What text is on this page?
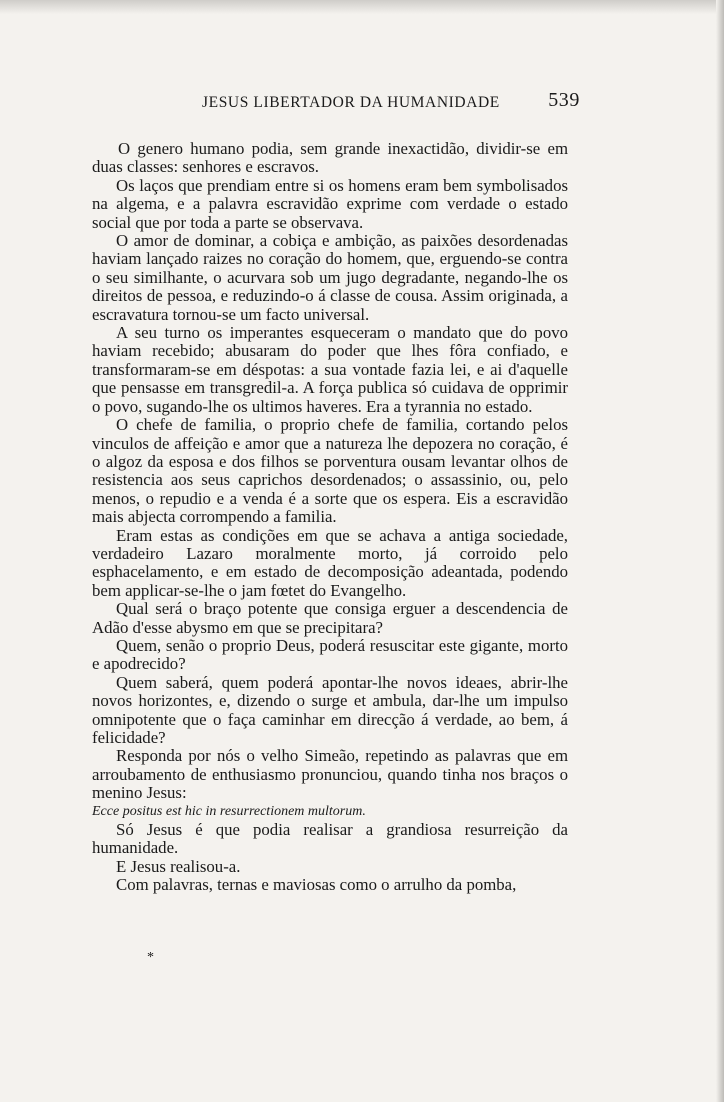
JESUS LIBERTADOR DA HUMANIDADE 539

O genero humano podia, sem grande inexactidão, dividir-se em duas classes: senhores e escravos.

Os laços que prendiam entre si os homens eram bem symbolisados na algema, e a palavra escravidão exprime com verdade o estado social que por toda a parte se observava.

O amor de dominar, a cobiça e ambição, as paixões desordenadas haviam lançado raizes no coração do homem, que, erguendo-se contra o seu similhante, o acurvara sob um jugo degradante, negando-lhe os direitos de pessoa, e reduzindo-o á classe de cousa. Assim originada, a escravatura tornou-se um facto universal.

A seu turno os imperantes esqueceram o mandato que do povo haviam recebido; abusaram do poder que lhes fôra confiado, e transformaram-se em déspotas: a sua vontade fazia lei, e ai d'aquelle que pensasse em transgredil-a. A força publica só cuidava de opprimir o povo, sugando-lhe os ultimos haveres. Era a tyrannia no estado.

O chefe de familia, o proprio chefe de familia, cortando pelos vinculos de affeição e amor que a natureza lhe depozera no coração, é o algoz da esposa e dos filhos se porventura ousam levantar olhos de resistencia aos seus caprichos desordenados; o assassinio, ou, pelo menos, o repudio e a venda é a sorte que os espera. Eis a escravidão mais abjecta corrompendo a familia.

Eram estas as condições em que se achava a antiga sociedade, verdadeiro Lazaro moralmente morto, já corroido pelo esphacelamento, e em estado de decomposição adeantada, podendo bem applicar-se-lhe o jam fœtet do Evangelho.

Qual será o braço potente que consiga erguer a descendencia de Adão d'esse abysmo em que se precipitara?

Quem, senão o proprio Deus, poderá resuscitar este gigante, morto e apodrecido?

Quem saberá, quem poderá apontar-lhe novos ideaes, abrir-lhe novos horizontes, e, dizendo o surge et ambula, dar-lhe um impulso omnipotente que o faça caminhar em direcção á verdade, ao bem, á felicidade?

Responda por nós o velho Simeão, repetindo as palavras que em arroubamento de enthusiasmo pronunciou, quando tinha nos braços o menino Jesus:

Ecce positus est hic in resurrectionem multorum.

Só Jesus é que podia realisar a grandiosa resurreição da humanidade.

E Jesus realisou-a.

Com palavras, ternas e maviosas como o arrulho da pomba,

*
